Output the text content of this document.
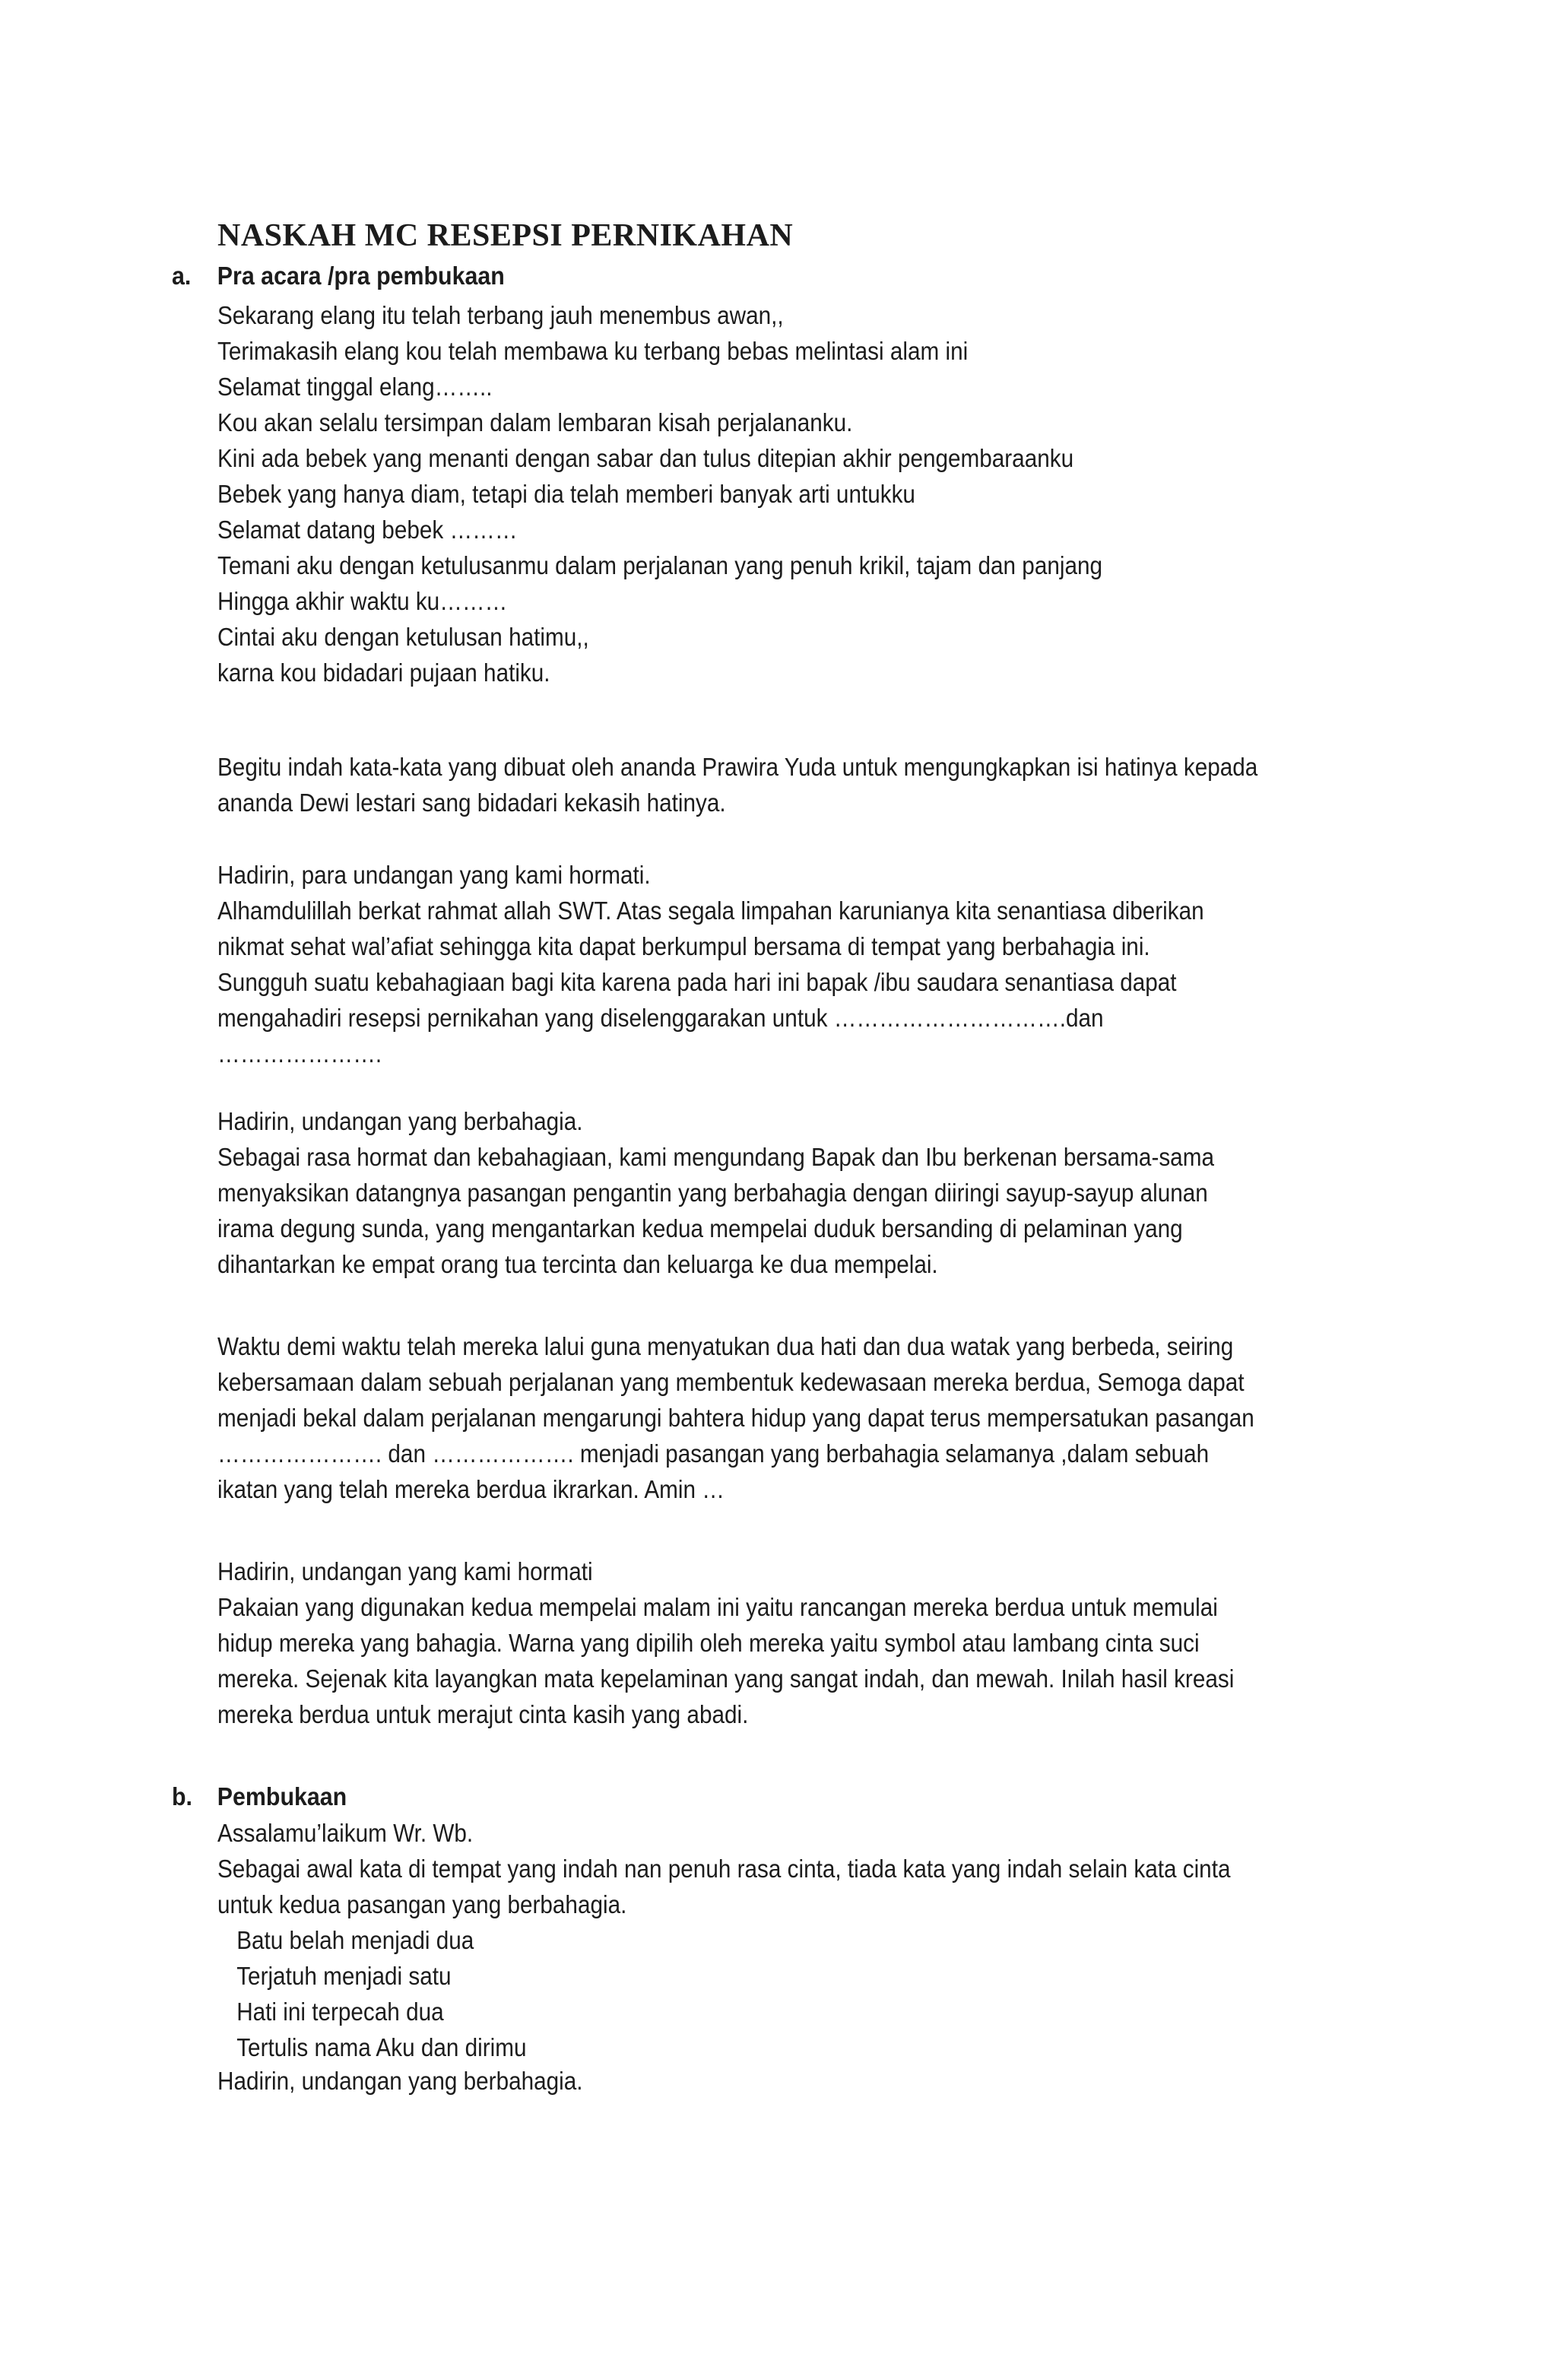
NASKAH MC RESEPSI PERNIKAHAN
a. Pra acara /pra pembukaan
Sekarang elang itu telah terbang jauh menembus awan,,
Terimakasih elang kou telah membawa ku terbang bebas melintasi alam ini
Selamat tinggal elang……..
Kou akan selalu tersimpan dalam lembaran kisah perjalananku.
Kini ada bebek yang menanti dengan sabar dan tulus ditepian akhir pengembaraanku
Bebek yang hanya diam, tetapi dia telah memberi banyak arti untukku
Selamat datang bebek ………
Temani aku dengan ketulusanmu dalam perjalanan yang penuh krikil, tajam dan panjang
Hingga akhir waktu ku………
Cintai aku dengan ketulusan hatimu,,
karna kou bidadari pujaan hatiku.
Begitu indah kata-kata yang dibuat oleh ananda Prawira Yuda untuk mengungkapkan isi hatinya kepada
ananda Dewi lestari sang bidadari kekasih hatinya.
Hadirin, para undangan yang kami hormati.
Alhamdulillah berkat rahmat allah SWT. Atas segala limpahan karunianya kita senantiasa diberikan
nikmat sehat wal’afiat sehingga kita dapat berkumpul bersama di tempat yang berbahagia ini.
Sungguh suatu kebahagiaan bagi kita karena pada hari ini bapak /ibu saudara senantiasa dapat
mengahadiri resepsi pernikahan yang diselenggarakan untuk ………………………….dan
………………….
Hadirin, undangan yang berbahagia.
Sebagai rasa hormat dan kebahagiaan, kami mengundang Bapak dan Ibu berkenan bersama-sama
menyaksikan datangnya pasangan pengantin yang berbahagia dengan diiringi sayup-sayup alunan
irama degung sunda, yang mengantarkan kedua mempelai duduk bersanding di pelaminan yang
dihantarkan ke empat orang tua tercinta dan keluarga ke dua mempelai.
Waktu demi waktu telah mereka lalui guna menyatukan dua hati dan dua watak yang berbeda, seiring
kebersamaan dalam sebuah perjalanan yang membentuk kedewasaan mereka berdua, Semoga dapat
menjadi bekal dalam perjalanan mengarungi bahtera hidup yang dapat terus mempersatukan pasangan
…………………. dan ………………. menjadi pasangan yang berbahagia selamanya ,dalam sebuah
ikatan yang telah mereka berdua ikrarkan. Amin …
Hadirin, undangan yang kami hormati
Pakaian yang digunakan kedua mempelai malam ini yaitu rancangan mereka berdua untuk memulai
hidup mereka yang bahagia. Warna yang dipilih oleh mereka yaitu symbol atau lambang cinta suci
mereka. Sejenak kita layangkan mata kepelaminan yang sangat indah, dan mewah. Inilah hasil kreasi
mereka berdua untuk merajut cinta kasih yang abadi.
b. Pembukaan
Assalamu’laikum Wr. Wb.
Sebagai awal kata di tempat yang indah nan penuh rasa cinta, tiada kata yang indah selain kata cinta
untuk kedua pasangan yang berbahagia.
Batu belah menjadi dua
Terjatuh menjadi satu
Hati ini terpecah dua
Tertulis nama Aku dan dirimu
Hadirin, undangan yang berbahagia.
